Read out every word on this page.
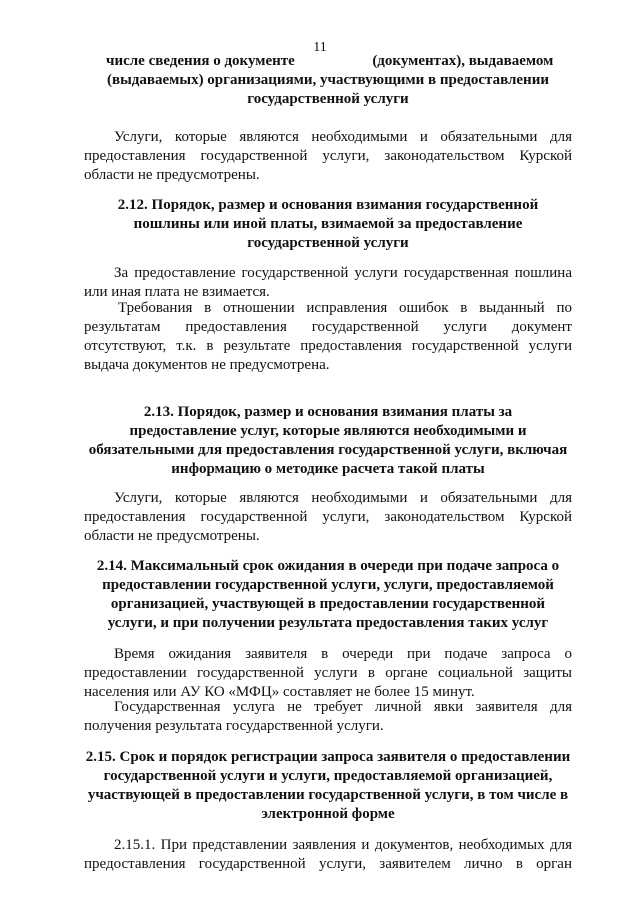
11
числе сведения о документе	(документах), выдаваемом
(выдаваемых) организациями, участвующими в предоставлении
государственной услуги
Услуги, которые являются необходимыми и обязательными для
предоставления государственной услуги, законодательством Курской
области не предусмотрены.
2.12. Порядок, размер и основания взимания государственной
пошлины или иной платы, взимаемой за предоставление
государственной услуги
За предоставление государственной услуги государственная пошлина
или иная плата не взимается.
Требования в отношении исправления ошибок в выданный по
результатам предоставления государственной услуги документ
отсутствуют, т.к. в результате предоставления государственной услуги
выдача документов не предусмотрена.
2.13. Порядок, размер и основания взимания платы за
предоставление услуг, которые являются необходимыми и
обязательными для предоставления государственной услуги, включая
информацию о методике расчета такой платы
Услуги, которые являются необходимыми и обязательными для
предоставления государственной услуги, законодательством Курской
области не предусмотрены.
2.14. Максимальный срок ожидания в очереди при подаче запроса о
предоставлении государственной услуги, услуги, предоставляемой
организацией, участвующей в предоставлении государственной
услуги, и при получении результата предоставления таких услуг
Время ожидания заявителя в очереди при подаче запроса о
предоставлении государственной услуги в органе социальной защиты
населения или АУ КО «МФЦ» составляет не более 15 минут.
Государственная услуга не требует личной явки заявителя для
получения результата государственной услуги.
2.15. Срок и порядок регистрации запроса заявителя о предоставлении
государственной услуги и услуги, предоставляемой организацией,
участвующей в предоставлении государственной услуги, в том числе в
электронной форме
2.15.1. При представлении заявления и документов, необходимых для
предоставления государственной услуги, заявителем лично в орган
